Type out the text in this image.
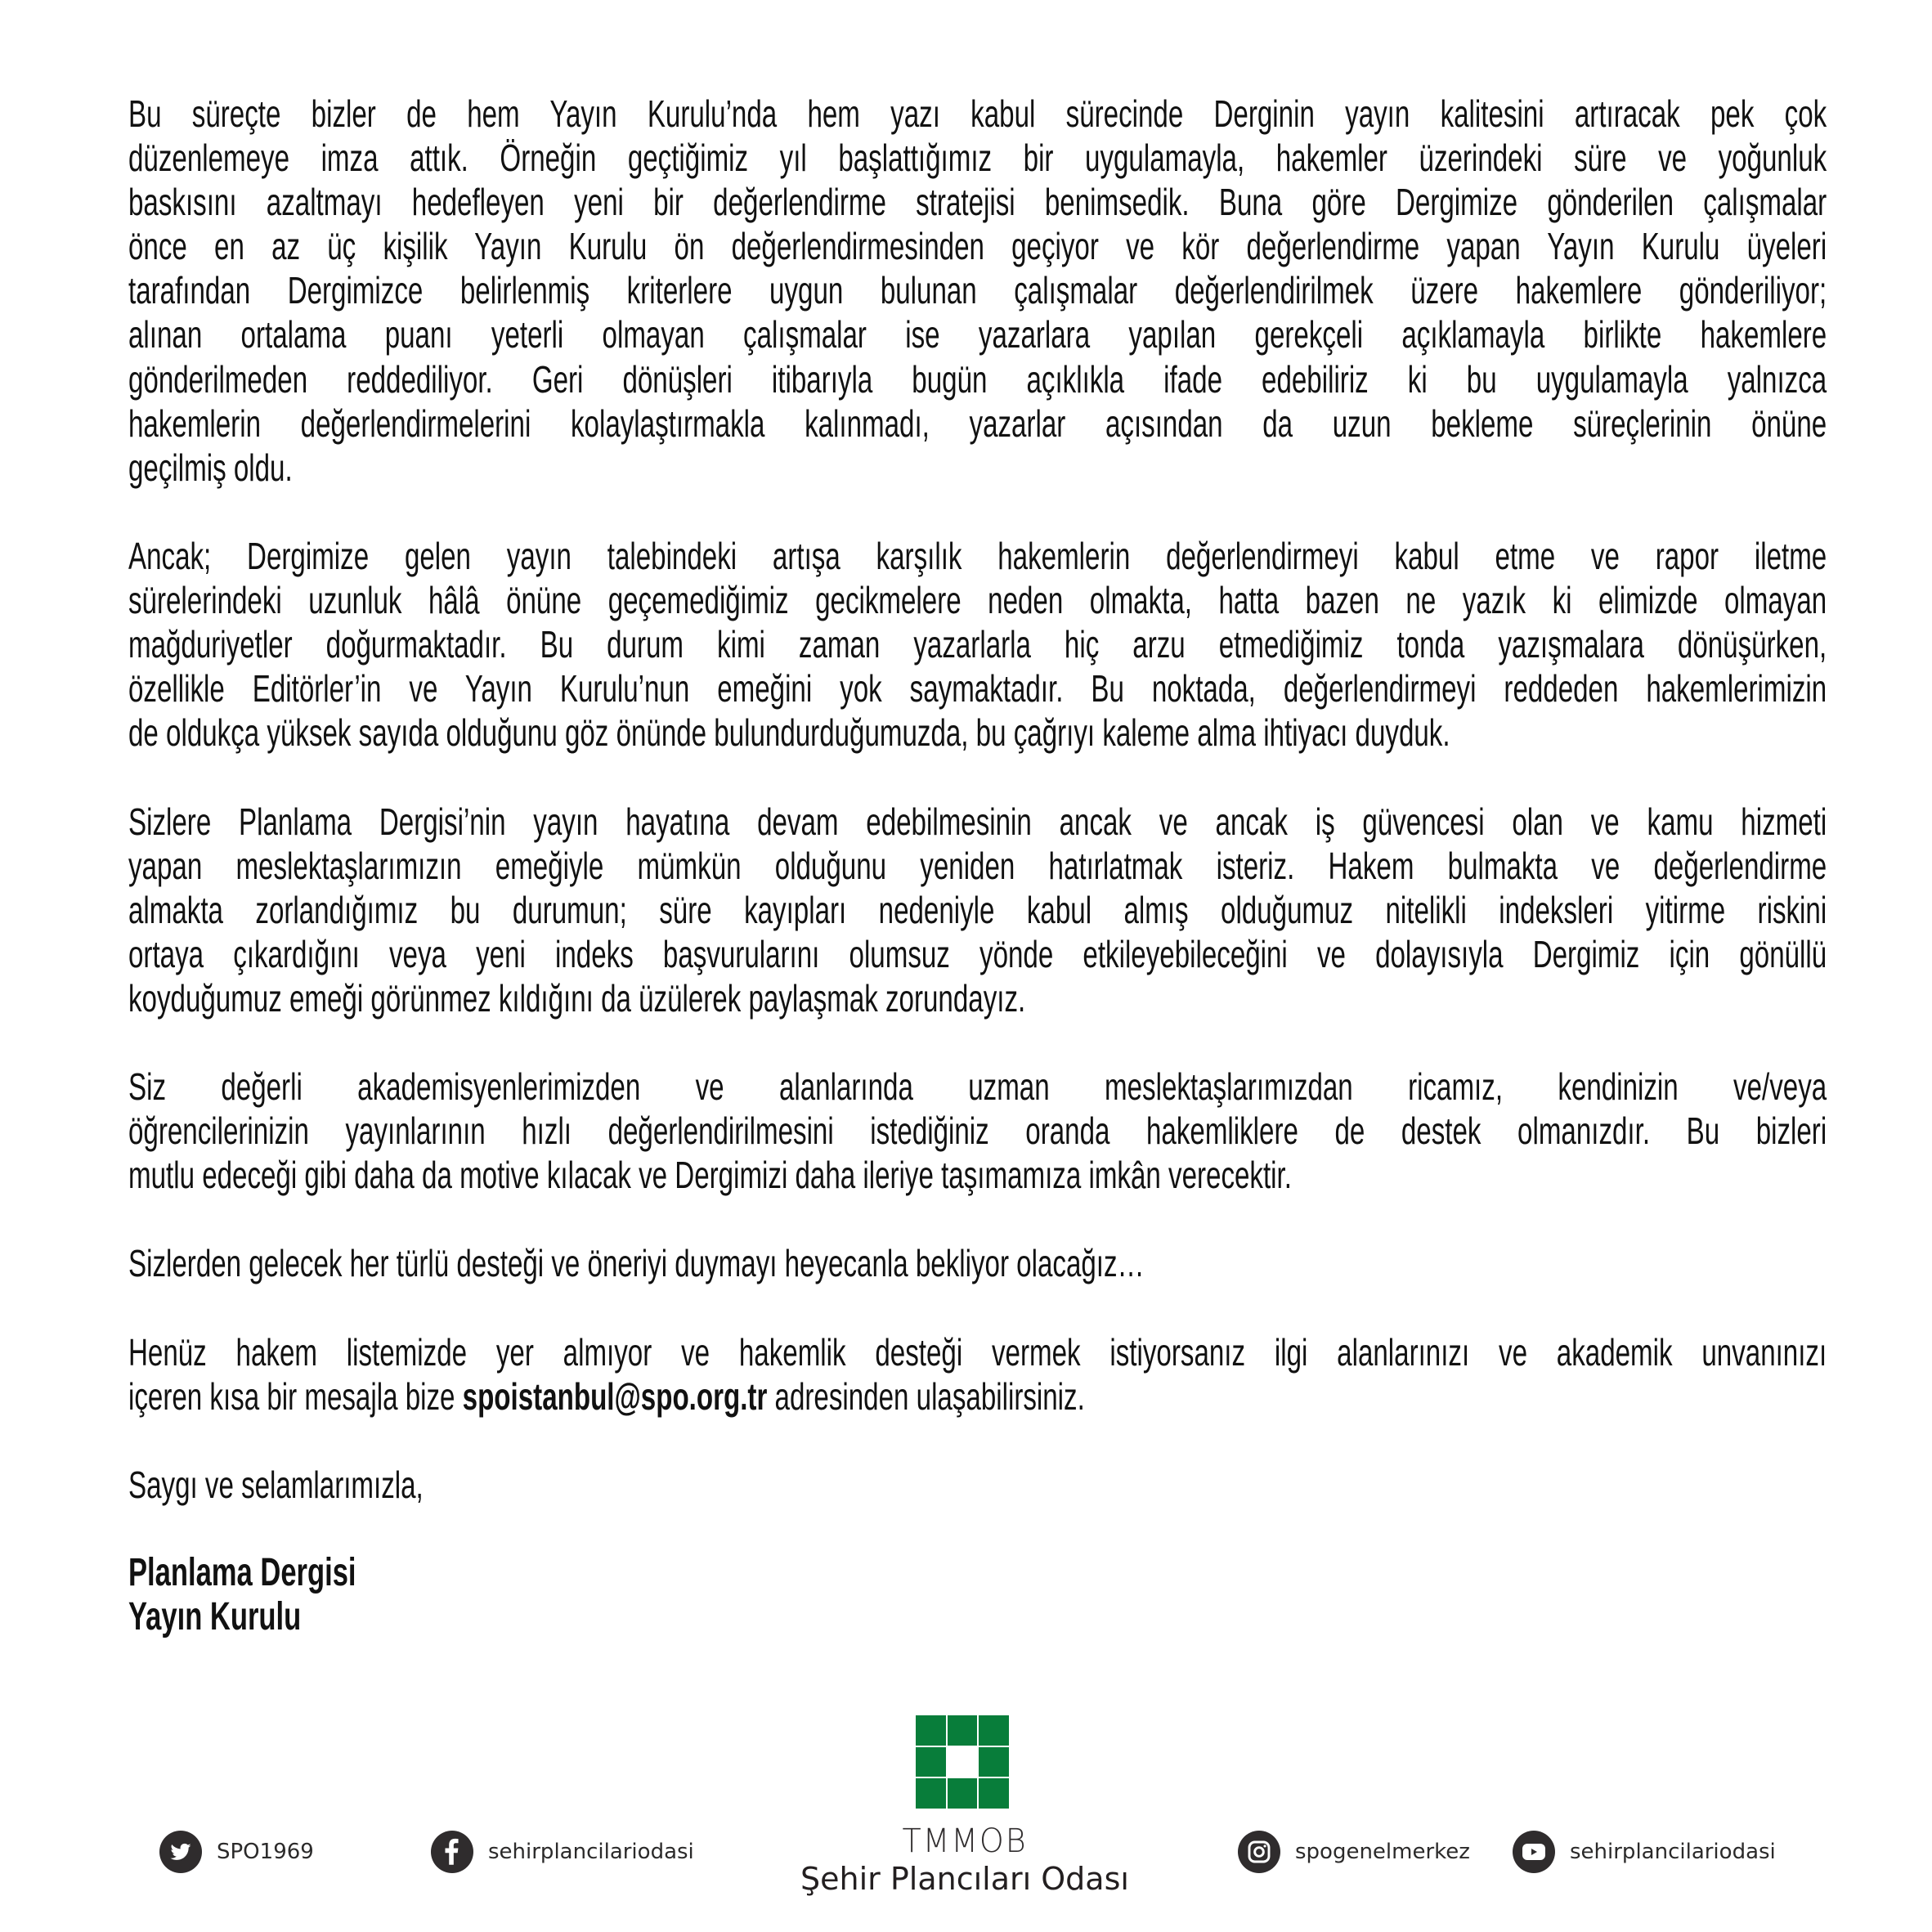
Bu süreçte bizler de hem Yayın Kurulu’nda hem yazı kabul sürecinde Derginin yayın kalitesini artıracak pek çok
düzenlemeye imza attık. Örneğin geçtiğimiz yıl başlattığımız bir uygulamayla, hakemler üzerindeki süre ve yoğunluk
baskısını azaltmayı hedefleyen yeni bir değerlendirme stratejisi benimsedik. Buna göre Dergimize gönderilen çalışmalar
önce en az üç kişilik Yayın Kurulu ön değerlendirmesinden geçiyor ve kör değerlendirme yapan Yayın Kurulu üyeleri
tarafından Dergimizce belirlenmiş kriterlere uygun bulunan çalışmalar değerlendirilmek üzere hakemlere gönderiliyor;
alınan ortalama puanı yeterli olmayan çalışmalar ise yazarlara yapılan gerekçeli açıklamayla birlikte hakemlere
gönderilmeden reddediliyor. Geri dönüşleri itibarıyla bugün açıklıkla ifade edebiliriz ki bu uygulamayla yalnızca
hakemlerin değerlendirmelerini kolaylaştırmakla kalınmadı, yazarlar açısından da uzun bekleme süreçlerinin önüne
geçilmiş oldu.
Ancak; Dergimize gelen yayın talebindeki artışa karşılık hakemlerin değerlendirmeyi kabul etme ve rapor iletme
sürelerindeki uzunluk hâlâ önüne geçemediğimiz gecikmelere neden olmakta, hatta bazen ne yazık ki elimizde olmayan
mağduriyetler doğurmaktadır. Bu durum kimi zaman yazarlarla hiç arzu etmediğimiz tonda yazışmalara dönüşürken,
özellikle Editörler’in ve Yayın Kurulu’nun emeğini yok saymaktadır. Bu noktada, değerlendirmeyi reddeden hakemlerimizin
de oldukça yüksek sayıda olduğunu göz önünde bulundurduğumuzda, bu çağrıyı kaleme alma ihtiyacı duyduk.
Sizlere Planlama Dergisi’nin yayın hayatına devam edebilmesinin ancak ve ancak iş güvencesi olan ve kamu hizmeti
yapan meslektaşlarımızın emeğiyle mümkün olduğunu yeniden hatırlatmak isteriz. Hakem bulmakta ve değerlendirme
almakta zorlandığımız bu durumun; süre kayıpları nedeniyle kabul almış olduğumuz nitelikli indeksleri yitirme riskini
ortaya çıkardığını veya yeni indeks başvurularını olumsuz yönde etkileyebileceğini ve dolayısıyla Dergimiz için gönüllü
koyduğumuz emeği görünmez kıldığını da üzülerek paylaşmak zorundayız.
Siz değerli akademisyenlerimizden ve alanlarında uzman meslektaşlarımızdan ricamız, kendinizin ve/veya
öğrencilerinizin yayınlarının hızlı değerlendirilmesini istediğiniz oranda hakemliklere de destek olmanızdır. Bu bizleri
mutlu edeceği gibi daha da motive kılacak ve Dergimizi daha ileriye taşımamıza imkân verecektir.
Sizlerden gelecek her türlü desteği ve öneriyi duymayı heyecanla bekliyor olacağız…
Henüz hakem listemizde yer almıyor ve hakemlik desteği vermek istiyorsanız ilgi alanlarınızı ve akademik unvanınızı
içeren kısa bir mesajla bize spoistanbul@spo.org.tr adresinden ulaşabilirsiniz.
Saygı ve selamlarımızla,
Planlama Dergisi
Yayın Kurulu
SPO1969	sehirplancilariodasi	spogenelmerkez	sehirplancilariodasi
TMMOB
Şehir Plancıları Odası
